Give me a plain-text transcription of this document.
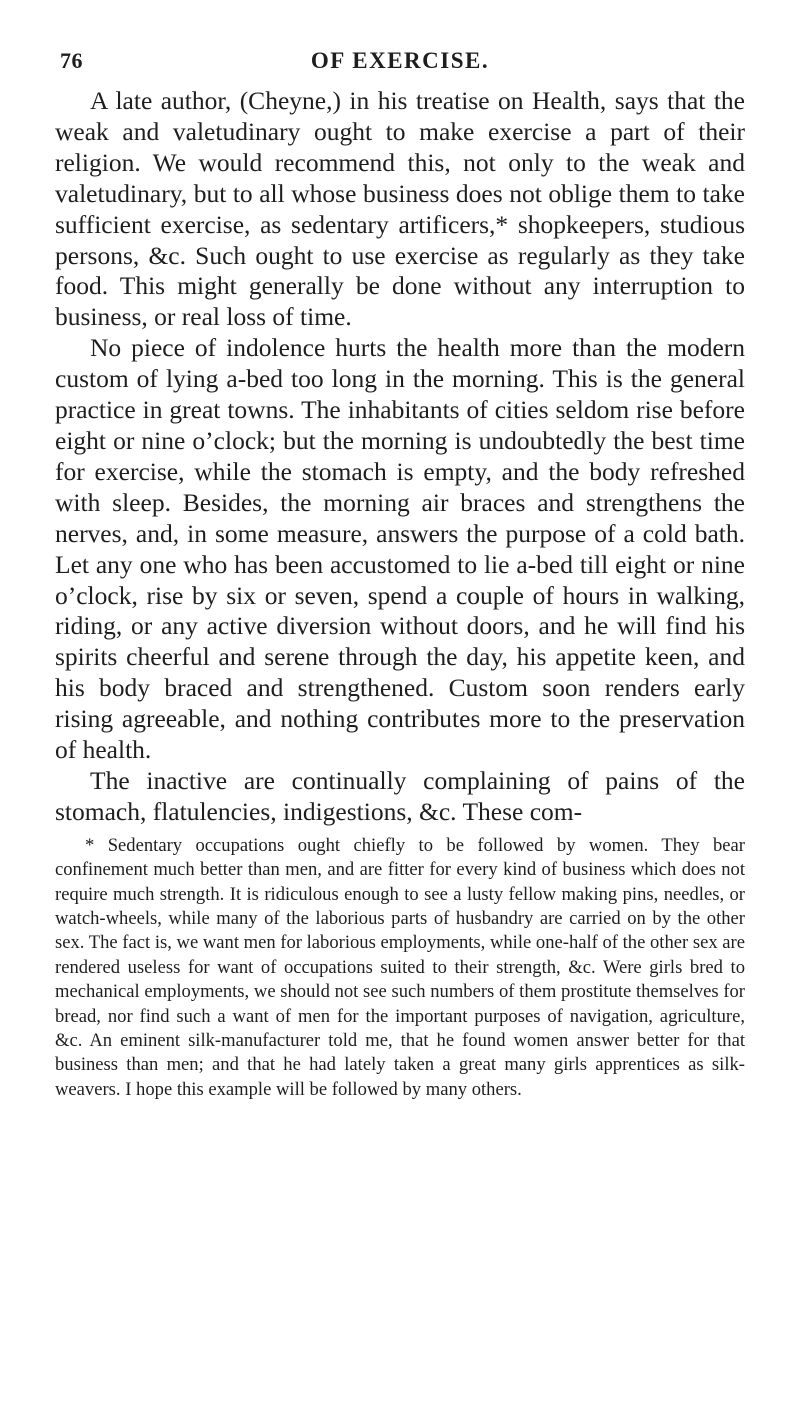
76	OF EXERCISE.

A late author, (Cheyne,) in his treatise on Health, says that the weak and valetudinary ought to make exercise a part of their religion. We would recommend this, not only to the weak and valetudinary, but to all whose business does not oblige them to take sufficient exercise, as sedentary artificers,* shopkeepers, studious persons, &c. Such ought to use exercise as regularly as they take food. This might generally be done without any interruption to business, or real loss of time.

No piece of indolence hurts the health more than the modern custom of lying a-bed too long in the morning. This is the general practice in great towns. The inhabitants of cities seldom rise before eight or nine o’clock; but the morning is undoubtedly the best time for exercise, while the stomach is empty, and the body refreshed with sleep. Besides, the morning air braces and strengthens the nerves, and, in some measure, answers the purpose of a cold bath. Let any one who has been accustomed to lie a-bed till eight or nine o’clock, rise by six or seven, spend a couple of hours in walking, riding, or any active diversion without doors, and he will find his spirits cheerful and serene through the day, his appetite keen, and his body braced and strengthened. Custom soon renders early rising agreeable, and nothing contributes more to the preservation of health.

The inactive are continually complaining of pains of the stomach, flatulencies, indigestions, &c. These com-

* Sedentary occupations ought chiefly to be followed by women. They bear confinement much better than men, and are fitter for every kind of business which does not require much strength. It is ridiculous enough to see a lusty fellow making pins, needles, or watch-wheels, while many of the laborious parts of husbandry are carried on by the other sex. The fact is, we want men for laborious employments, while one-half of the other sex are rendered useless for want of occupations suited to their strength, &c. Were girls bred to mechanical employments, we should not see such numbers of them prostitute themselves for bread, nor find such a want of men for the important purposes of navigation, agriculture, &c. An eminent silk-manufacturer told me, that he found women answer better for that business than men; and that he had lately taken a great many girls apprentices as silk-weavers. I hope this example will be followed by many others.
